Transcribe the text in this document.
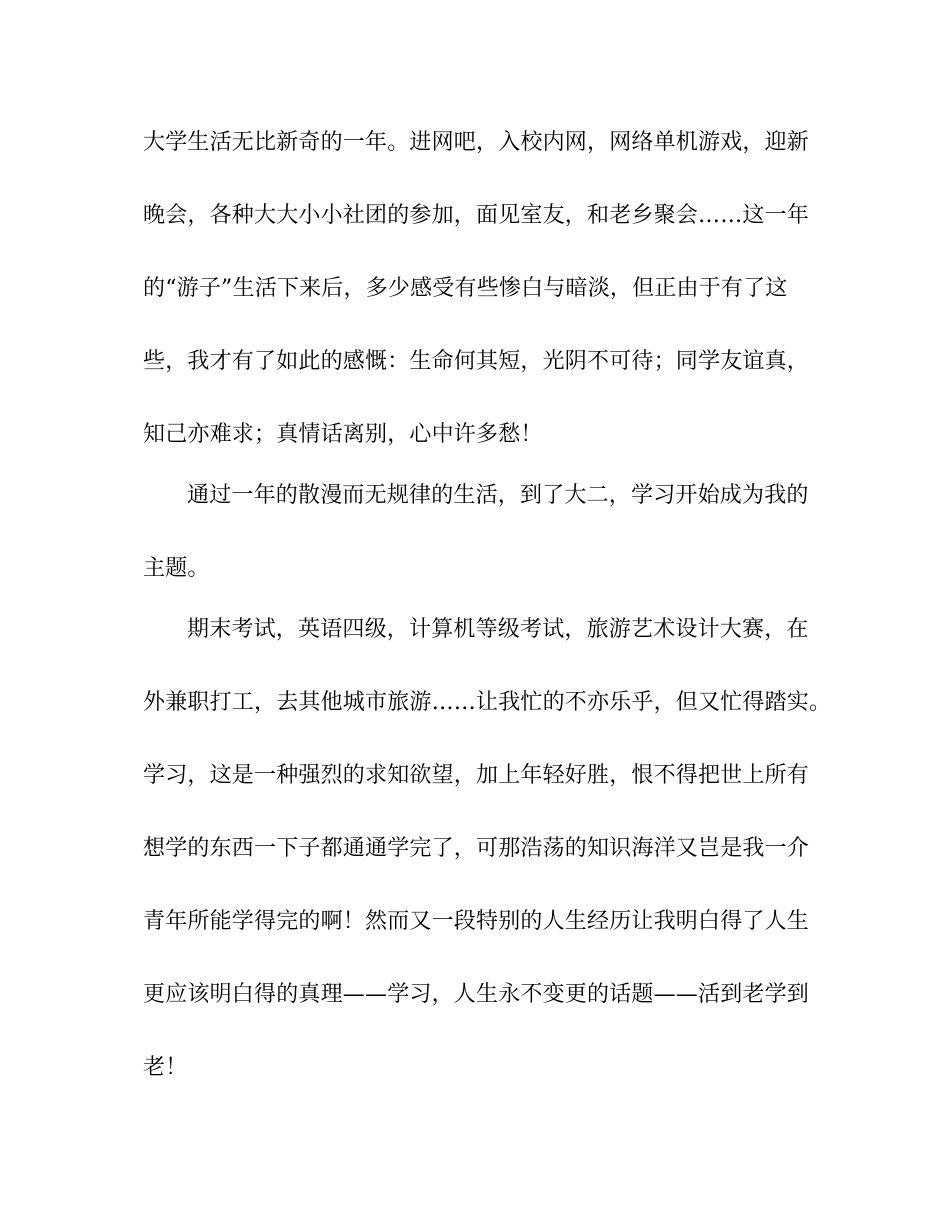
大学生活无比新奇的一年。进网吧，入校内网，网络单机游戏，迎新
晚会，各种大大小小社团的参加，面见室友，和老乡聚会……这一年
的“游子”生活下来后，多少感受有些惨白与暗淡，但正由于有了这
些，我才有了如此的感慨：生命何其短，光阴不可待；同学友谊真，
知己亦难求；真情话离别，心中许多愁！
通过一年的散漫而无规律的生活，到了大二，学习开始成为我的
主题。
期末考试，英语四级，计算机等级考试，旅游艺术设计大赛，在
外兼职打工，去其他城市旅游……让我忙的不亦乐乎，但又忙得踏实。
学习，这是一种强烈的求知欲望，加上年轻好胜，恨不得把世上所有
想学的东西一下子都通通学完了，可那浩荡的知识海洋又岂是我一介
青年所能学得完的啊！然而又一段特别的人生经历让我明白得了人生
更应该明白得的真理——学习，人生永不变更的话题——活到老学到
老！
